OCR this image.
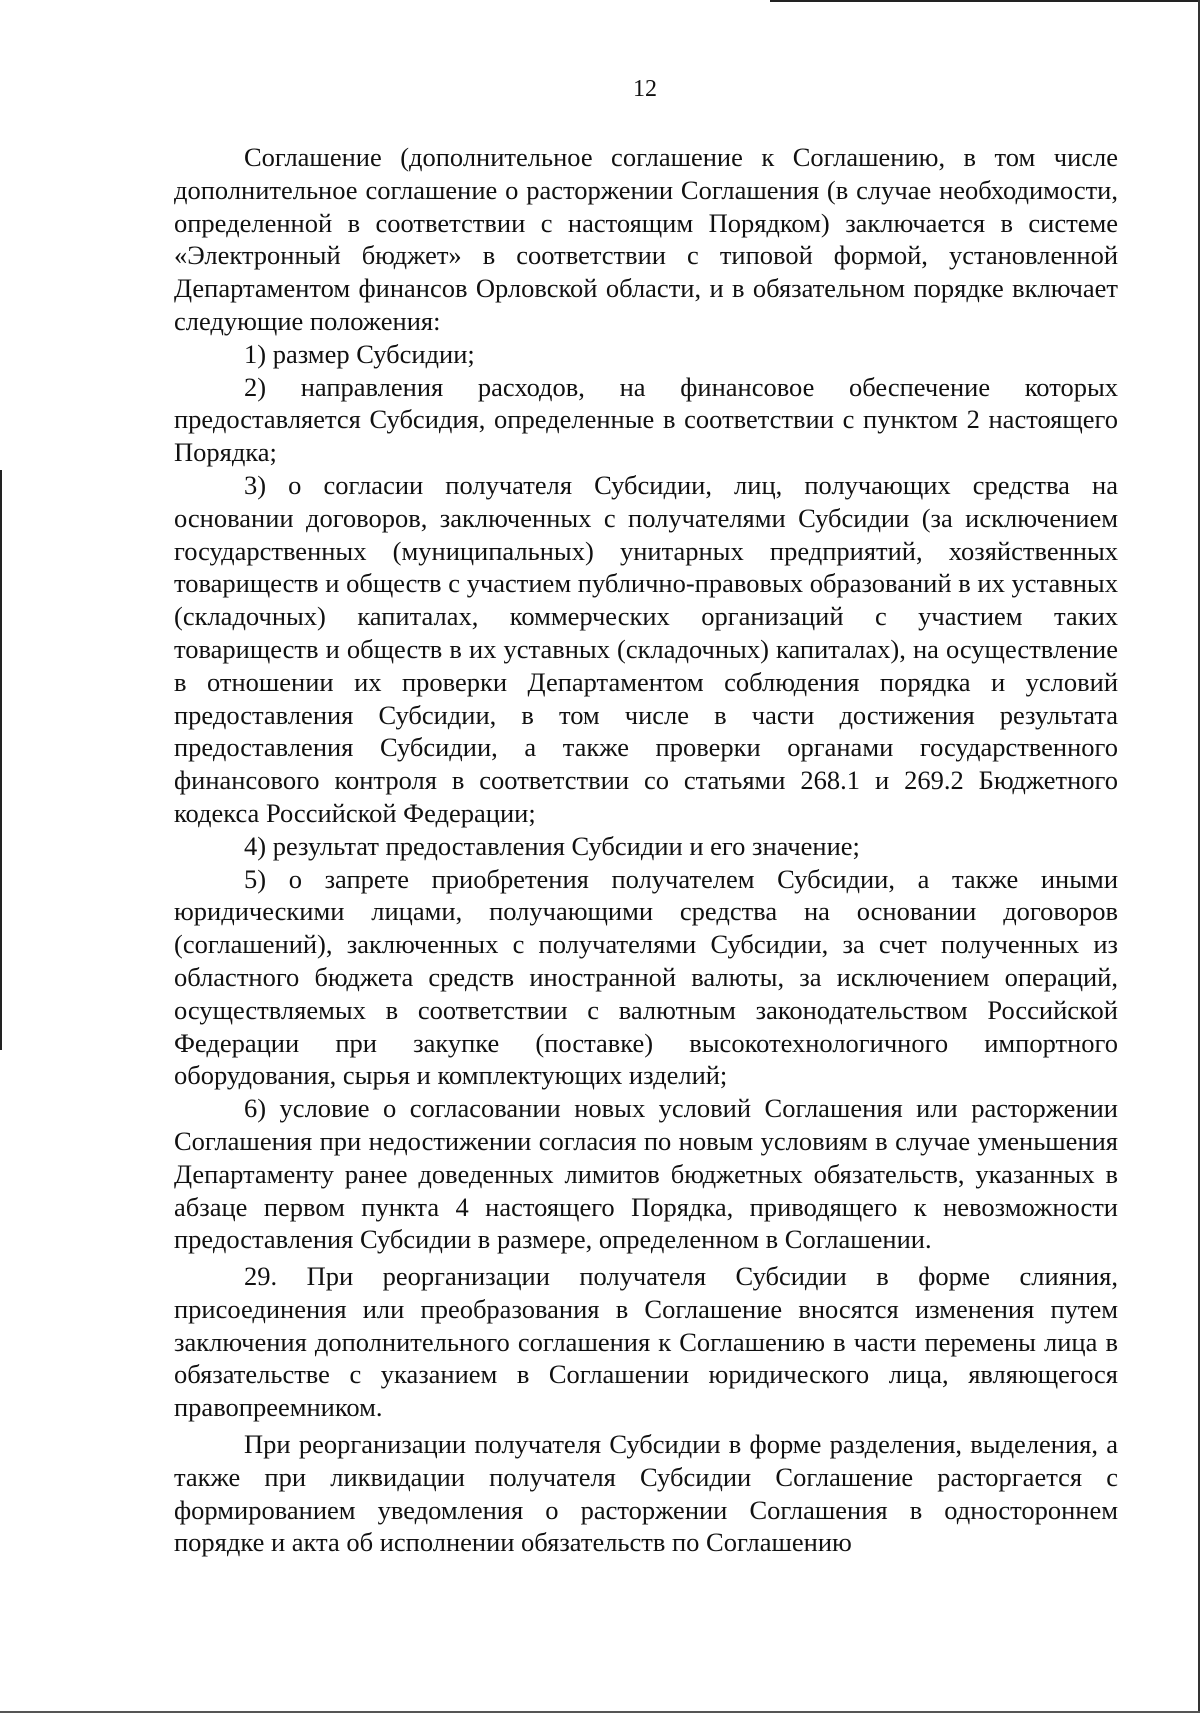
12

Соглашение (дополнительное соглашение к Соглашению, в том числе дополнительное соглашение о расторжении Соглашения (в случае необходимости, определенной в соответствии с настоящим Порядком) заключается в системе «Электронный бюджет» в соответствии с типовой формой, установленной Департаментом финансов Орловской области, и в обязательном порядке включает следующие положения:

1) размер Субсидии;

2) направления расходов, на финансовое обеспечение которых предоставляется Субсидия, определенные в соответствии с пунктом 2 настоящего Порядка;

3) о согласии получателя Субсидии, лиц, получающих средства на основании договоров, заключенных с получателями Субсидии (за исключением государственных (муниципальных) унитарных предприятий, хозяйственных товариществ и обществ с участием публично-правовых образований в их уставных (складочных) капиталах, коммерческих организаций с участием таких товариществ и обществ в их уставных (складочных) капиталах), на осуществление в отношении их проверки Департаментом соблюдения порядка и условий предоставления Субсидии, в том числе в части достижения результата предоставления Субсидии, а также проверки органами государственного финансового контроля в соответствии со статьями 268.1 и 269.2 Бюджетного кодекса Российской Федерации;

4) результат предоставления Субсидии и его значение;

5) о запрете приобретения получателем Субсидии, а также иными юридическими лицами, получающими средства на основании договоров (соглашений), заключенных с получателями Субсидии, за счет полученных из областного бюджета средств иностранной валюты, за исключением операций, осуществляемых в соответствии с валютным законодательством Российской Федерации при закупке (поставке) высокотехнологичного импортного оборудования, сырья и комплектующих изделий;

6) условие о согласовании новых условий Соглашения или расторжении Соглашения при недостижении согласия по новым условиям в случае уменьшения Департаменту ранее доведенных лимитов бюджетных обязательств, указанных в абзаце первом пункта 4 настоящего Порядка, приводящего к невозможности предоставления Субсидии в размере, определенном в Соглашении.

29. При реорганизации получателя Субсидии в форме слияния, присоединения или преобразования в Соглашение вносятся изменения путем заключения дополнительного соглашения к Соглашению в части перемены лица в обязательстве с указанием в Соглашении юридического лица, являющегося правопреемником.

При реорганизации получателя Субсидии в форме разделения, выделения, а также при ликвидации получателя Субсидии Соглашение расторгается с формированием уведомления о расторжении Соглашения в одностороннем порядке и акта об исполнении обязательств по Соглашению
